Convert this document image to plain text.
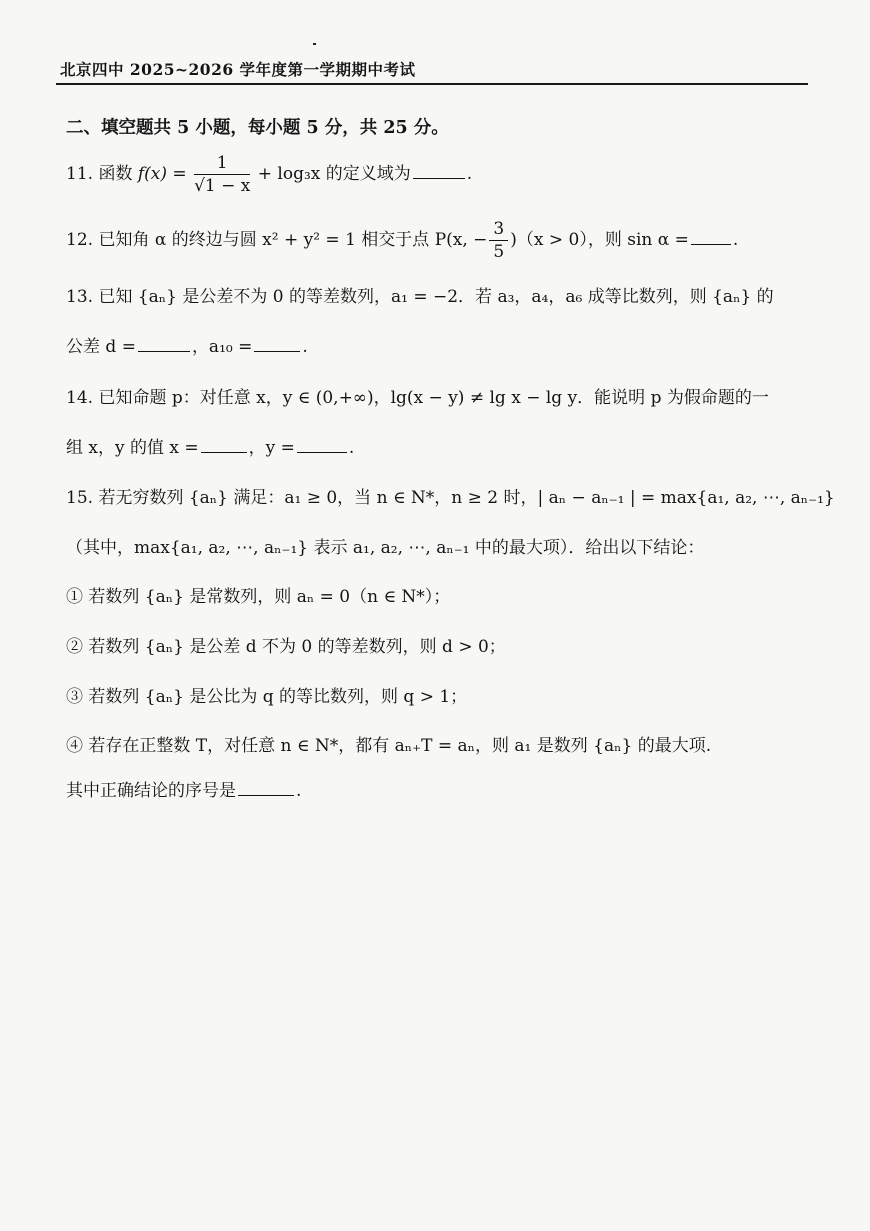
北京四中 2025~2026 学年度第一学期期中考试
二、填空题共 5 小题，每小题 5 分，共 25 分。
11. 函数 $f(x) = \frac{1}{√1 - x} + \log_3x$ 的定义域为	.
12. 已知角 α 的终边与圆 x² + y² = 1 相交于点 P(x, − $\frac{3}{5} )(x > 0)$，则 sin α =	.
13. 已知 {aₙ} 是公差不为 0 的等差数列，a₁ = −2．若 a₃，a₄，a₆ 成等比数列，则 {aₙ} 的
公差 d =	，a₁₀ =	.
14. 已知命题 p：对任意 x，y ∈ (0,+∞)，lg(x − y) ≠ lg x − lg y．能说明 p 为假命题的一
组 x，y 的值 x =	，y =	.
15. 若无穷数列 {aₙ} 满足：a₁ ≥ 0，当 n ∈ N*，n ≥ 2 时，| aₙ − aₙ₋₁ | = max{a₁, a₂, ⋯, aₙ₋₁}
（其中，max{a₁, a₂, ⋯, aₙ₋₁} 表示 a₁, a₂, ⋯, aₙ₋₁ 中的最大项）．给出以下结论：
① 若数列 {aₙ} 是常数列，则 aₙ = 0（n ∈ N*）；
② 若数列 {aₙ} 是公差 d 不为 0 的等差数列，则 d > 0；
③ 若数列 {aₙ} 是公比为 q 的等比数列，则 q > 1；
④ 若存在正整数 T，对任意 n ∈ N*，都有 aₙ₊T = aₙ，则 a₁ 是数列 {aₙ} 的最大项.
其中正确结论的序号是	.
